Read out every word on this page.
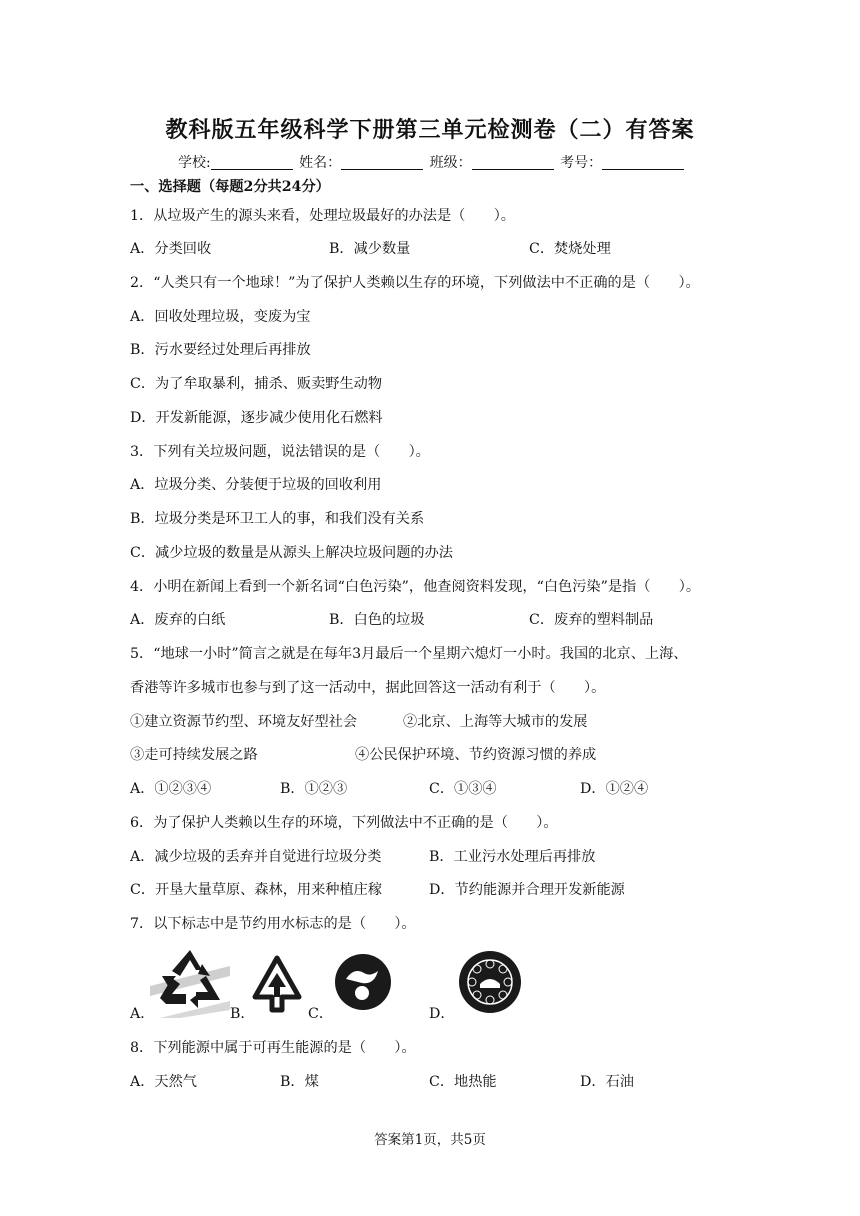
教科版五年级科学下册第三单元检测卷（二）有答案
学校:	姓名：	班级：	考号：
一、选择题（每题2分共24分）
1．从垃圾产生的源头来看，处理垃圾最好的办法是（　　）。
A．分类回收	B．减少数量	C．焚烧处理
2．“人类只有一个地球！”为了保护人类赖以生存的环境，下列做法中不正确的是（　　）。
A．回收处理垃圾，变废为宝
B．污水要经过处理后再排放
C．为了牟取暴利，捕杀、贩卖野生动物
D．开发新能源，逐步减少使用化石燃料
3．下列有关垃圾问题，说法错误的是（　　）。
A．垃圾分类、分装便于垃圾的回收利用
B．垃圾分类是环卫工人的事，和我们没有关系
C．减少垃圾的数量是从源头上解决垃圾问题的办法
4．小明在新闻上看到一个新名词“白色污染”，他查阅资料发现，“白色污染”是指（　　）。
A．废弃的白纸	B．白色的垃圾	C．废弃的塑料制品
5．“地球一小时”简言之就是在每年3月最后一个星期六熄灯一小时。我国的北京、上海、
香港等许多城市也参与到了这一活动中，据此回答这一活动有利于（　　）。
①建立资源节约型、环境友好型社会	②北京、上海等大城市的发展
③走可持续发展之路	④公民保护环境、节约资源习惯的养成
A．①②③④	B．①②③	C．①③④	D．①②④
6．为了保护人类赖以生存的环境，下列做法中不正确的是（　　）。
A．减少垃圾的丢弃并自觉进行垃圾分类	B．工业污水处理后再排放
C．开垦大量草原、森林，用来种植庄稼	D．节约能源并合理开发新能源
7．以下标志中是节约用水标志的是（　　）。
A．	B．	C．	D．
8．下列能源中属于可再生能源的是（　　）。
A．天然气	B．煤	C．地热能	D．石油
答案第1页，共5页
